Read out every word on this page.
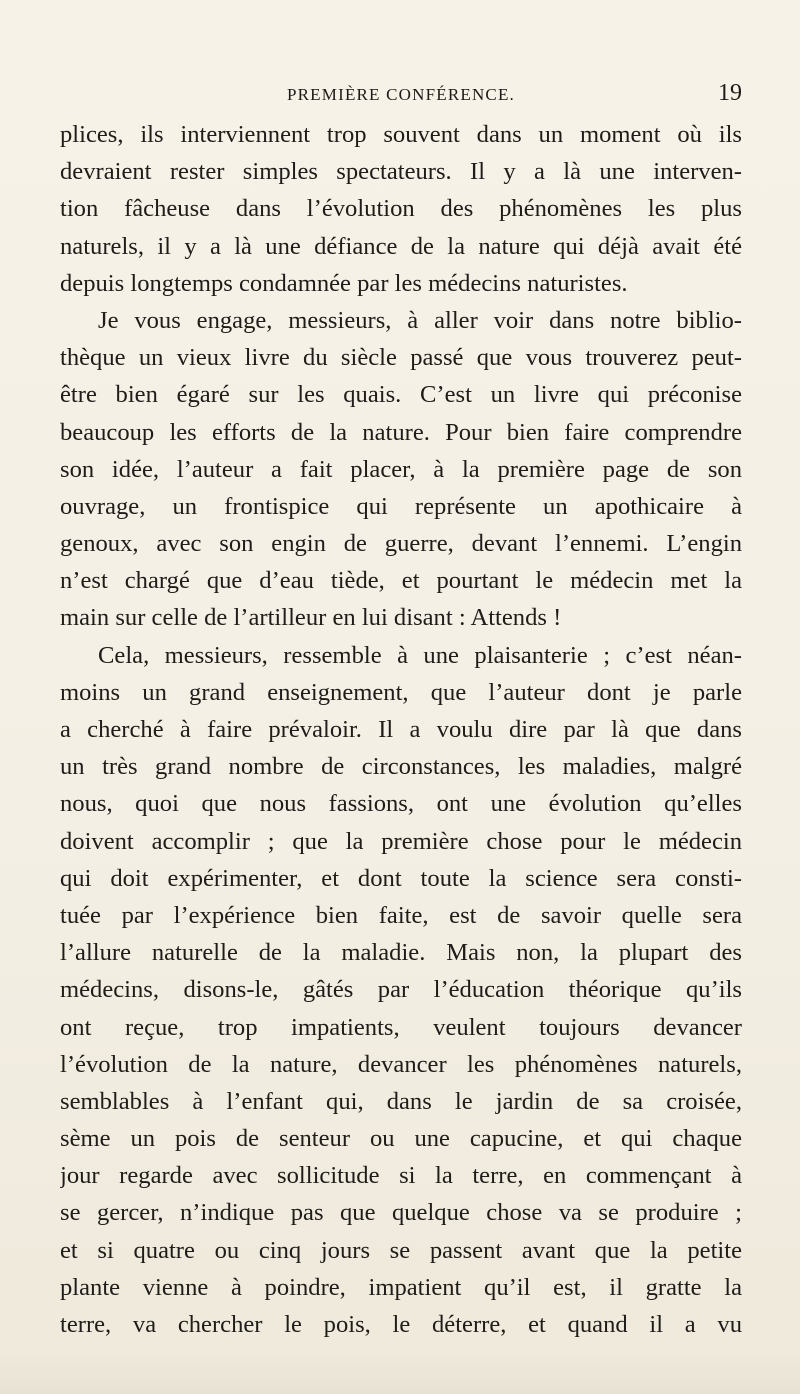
PREMIÈRE CONFÉRENCE.	19
plices, ils interviennent trop souvent dans un moment où ils
devraient rester simples spectateurs. Il y a là une interven-
tion fâcheuse dans l’évolution des phénomènes les plus
naturels, il y a là une défiance de la nature qui déjà avait été
depuis longtemps condamnée par les médecins naturistes.
Je vous engage, messieurs, à aller voir dans notre biblio-
thèque un vieux livre du siècle passé que vous trouverez peut-
être bien égaré sur les quais. C’est un livre qui préconise
beaucoup les efforts de la nature. Pour bien faire comprendre
son idée, l’auteur a fait placer, à la première page de son
ouvrage, un frontispice qui représente un apothicaire à
genoux, avec son engin de guerre, devant l’ennemi. L’engin
n’est chargé que d’eau tiède, et pourtant le médecin met la
main sur celle de l’artilleur en lui disant : Attends !
Cela, messieurs, ressemble à une plaisanterie ; c’est néan-
moins un grand enseignement, que l’auteur dont je parle
a cherché à faire prévaloir. Il a voulu dire par là que dans
un très grand nombre de circonstances, les maladies, malgré
nous, quoi que nous fassions, ont une évolution qu’elles
doivent accomplir ; que la première chose pour le médecin
qui doit expérimenter, et dont toute la science sera consti-
tuée par l’expérience bien faite, est de savoir quelle sera
l’allure naturelle de la maladie. Mais non, la plupart des
médecins, disons-le, gâtés par l’éducation théorique qu’ils
ont reçue, trop impatients, veulent toujours devancer
l’évolution de la nature, devancer les phénomènes naturels,
semblables à l’enfant qui, dans le jardin de sa croisée,
sème un pois de senteur ou une capucine, et qui chaque
jour regarde avec sollicitude si la terre, en commençant à
se gercer, n’indique pas que quelque chose va se produire ;
et si quatre ou cinq jours se passent avant que la petite
plante vienne à poindre, impatient qu’il est, il gratte la
terre, va chercher le pois, le déterre, et quand il a vu
